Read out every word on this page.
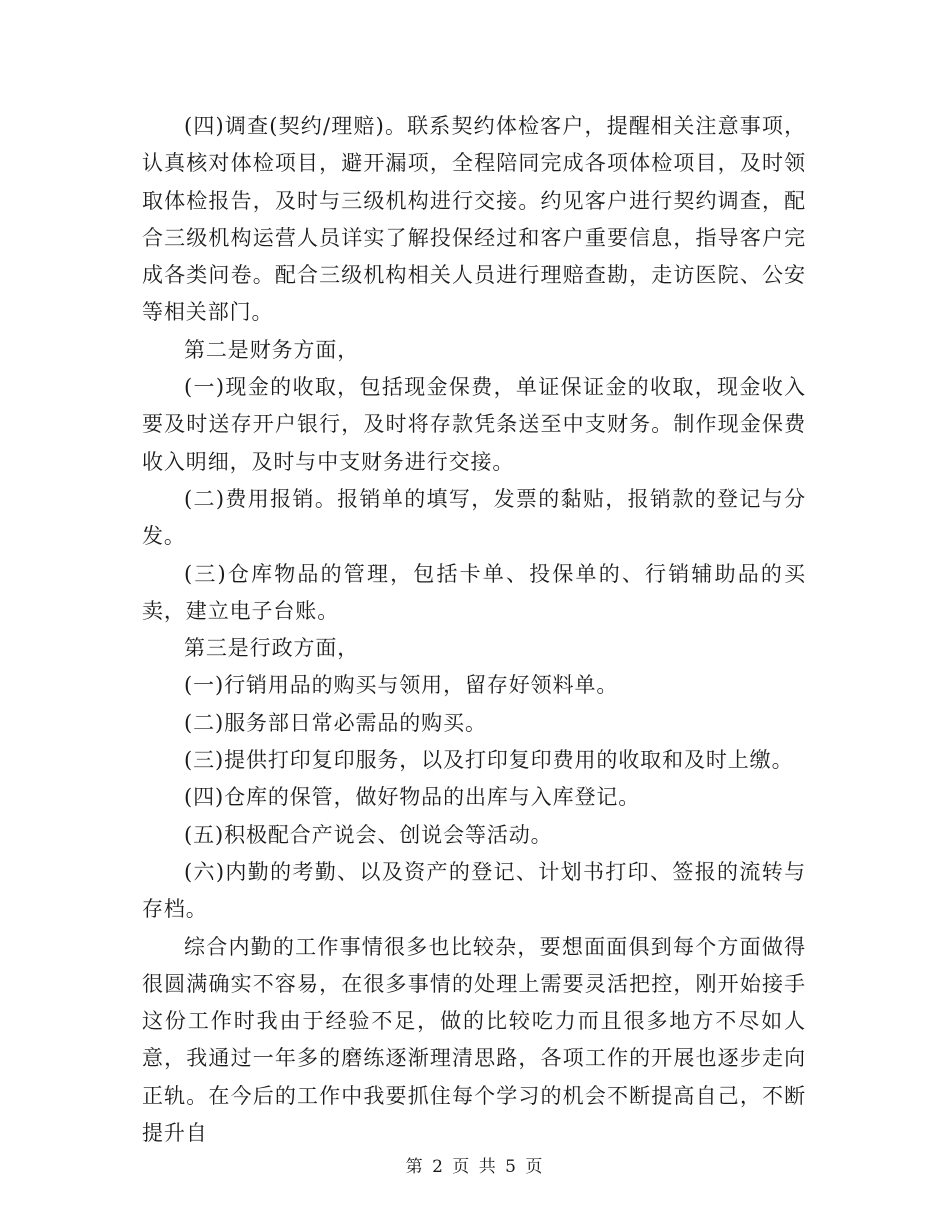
(四)调查(契约/理赔)。联系契约体检客户，提醒相关注意事项，认真核对体检项目，避开漏项，全程陪同完成各项体检项目，及时领取体检报告，及时与三级机构进行交接。约见客户进行契约调查，配合三级机构运营人员详实了解投保经过和客户重要信息，指导客户完成各类问卷。配合三级机构相关人员进行理赔查勘，走访医院、公安等相关部门。

第二是财务方面，

(一)现金的收取，包括现金保费，单证保证金的收取，现金收入要及时送存开户银行，及时将存款凭条送至中支财务。制作现金保费收入明细，及时与中支财务进行交接。

(二)费用报销。报销单的填写，发票的黏贴，报销款的登记与分发。

(三)仓库物品的管理，包括卡单、投保单的、行销辅助品的买卖，建立电子台账。

第三是行政方面，

(一)行销用品的购买与领用，留存好领料单。

(二)服务部日常必需品的购买。

(三)提供打印复印服务，以及打印复印费用的收取和及时上缴。

(四)仓库的保管，做好物品的出库与入库登记。

(五)积极配合产说会、创说会等活动。

(六)内勤的考勤、以及资产的登记、计划书打印、签报的流转与存档。

综合内勤的工作事情很多也比较杂，要想面面俱到每个方面做得很圆满确实不容易，在很多事情的处理上需要灵活把控，刚开始接手这份工作时我由于经验不足，做的比较吃力而且很多地方不尽如人意，我通过一年多的磨练逐渐理清思路，各项工作的开展也逐步走向正轨。在今后的工作中我要抓住每个学习的机会不断提高自己，不断提升自

第 2 页 共 5 页
